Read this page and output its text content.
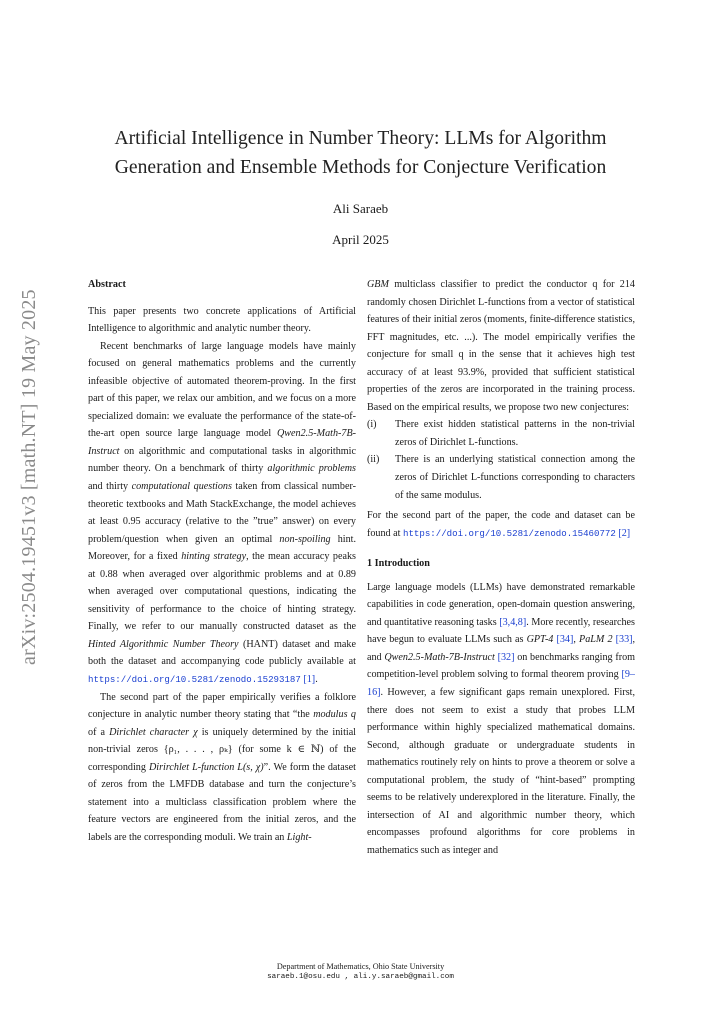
arXiv:2504.19451v3 [math.NT] 19 May 2025
Artificial Intelligence in Number Theory: LLMs for Algorithm
Generation and Ensemble Methods for Conjecture Verification
Ali Saraeb
April 2025

Abstract

This paper presents two concrete applications of Artificial Intelligence to algorithmic and analytic number theory.

Recent benchmarks of large language models have mainly focused on general mathematics problems and the currently infeasible objective of automated theorem-proving. In the first part of this paper, we relax our ambition, and we focus on a more specialized domain: we evaluate the performance of the state-of-the-art open source large language model Qwen2.5-Math-7B-Instruct on algorithmic and computational tasks in algorithmic number theory. On a benchmark of thirty algorithmic problems and thirty computational questions taken from classical number-theoretic textbooks and Math StackExchange, the model achieves at least 0.95 accuracy (relative to the ”true” answer) on every problem/question when given an optimal non-spoiling hint. Moreover, for a fixed hinting strategy, the mean accuracy peaks at 0.88 when averaged over algorithmic problems and at 0.89 when averaged over computational questions, indicating the sensitivity of performance to the choice of hinting strategy. Finally, we refer to our manually constructed dataset as the Hinted Algorithmic Number Theory (HANT) dataset and make both the dataset and accompanying code publicly available at https://doi.org/10.5281/zenodo.15293187 [1].

The second part of the paper empirically verifies a folklore conjecture in analytic number theory stating that “the modulus q of a Dirichlet character χ is uniquely determined by the initial non-trivial zeros {ρ₁, . . . , ρₖ} (for some k ∈ ℕ) of the corresponding Dirirchlet L-function L(s, χ)”. We form the dataset of zeros from the LMFDB database and turn the conjecture’s statement into a multiclass classification problem where the feature vectors are engineered from the initial zeros, and the labels are the corresponding moduli. We train an Light-

GBM multiclass classifier to predict the conductor q for 214 randomly chosen Dirichlet L-functions from a vector of statistical features of their initial zeros (moments, finite-difference statistics, FFT magnitudes, etc. ...). The model empirically verifies the conjecture for small q in the sense that it achieves high test accuracy of at least 93.9%, provided that sufficient statistical properties of the zeros are incorporated in the training process. Based on the empirical results, we propose two new conjectures:

(i)	There exist hidden statistical patterns in the non-trivial zeros of Dirichlet L-functions.
(ii)	There is an underlying statistical connection among the zeros of Dirichlet L-functions corresponding to characters of the same modulus.

For the second part of the paper, the code and dataset can be found at https://doi.org/10.5281/zenodo.15460772 [2]

1 Introduction

Large language models (LLMs) have demonstrated remarkable capabilities in code generation, open-domain question answering, and quantitative reasoning tasks [3,4,8]. More recently, researches have begun to evaluate LLMs such as GPT-4 [34], PaLM 2 [33], and Qwen2.5-Math-7B-Instruct [32] on benchmarks ranging from competition-level problem solving to formal theorem proving [9–16]. However, a few significant gaps remain unexplored. First, there does not seem to exist a study that probes LLM performance within highly specialized mathematical domains. Second, although graduate or undergraduate students in mathematics routinely rely on hints to prove a theorem or solve a computational problem, the study of “hint-based” prompting seems to be relatively underexplored in the literature. Finally, the intersection of AI and algorithmic number theory, which encompasses profound algorithms for core problems in mathematics such as integer and

Department of Mathematics, Ohio State University
saraeb.1@osu.edu , ali.y.saraeb@gmail.com
